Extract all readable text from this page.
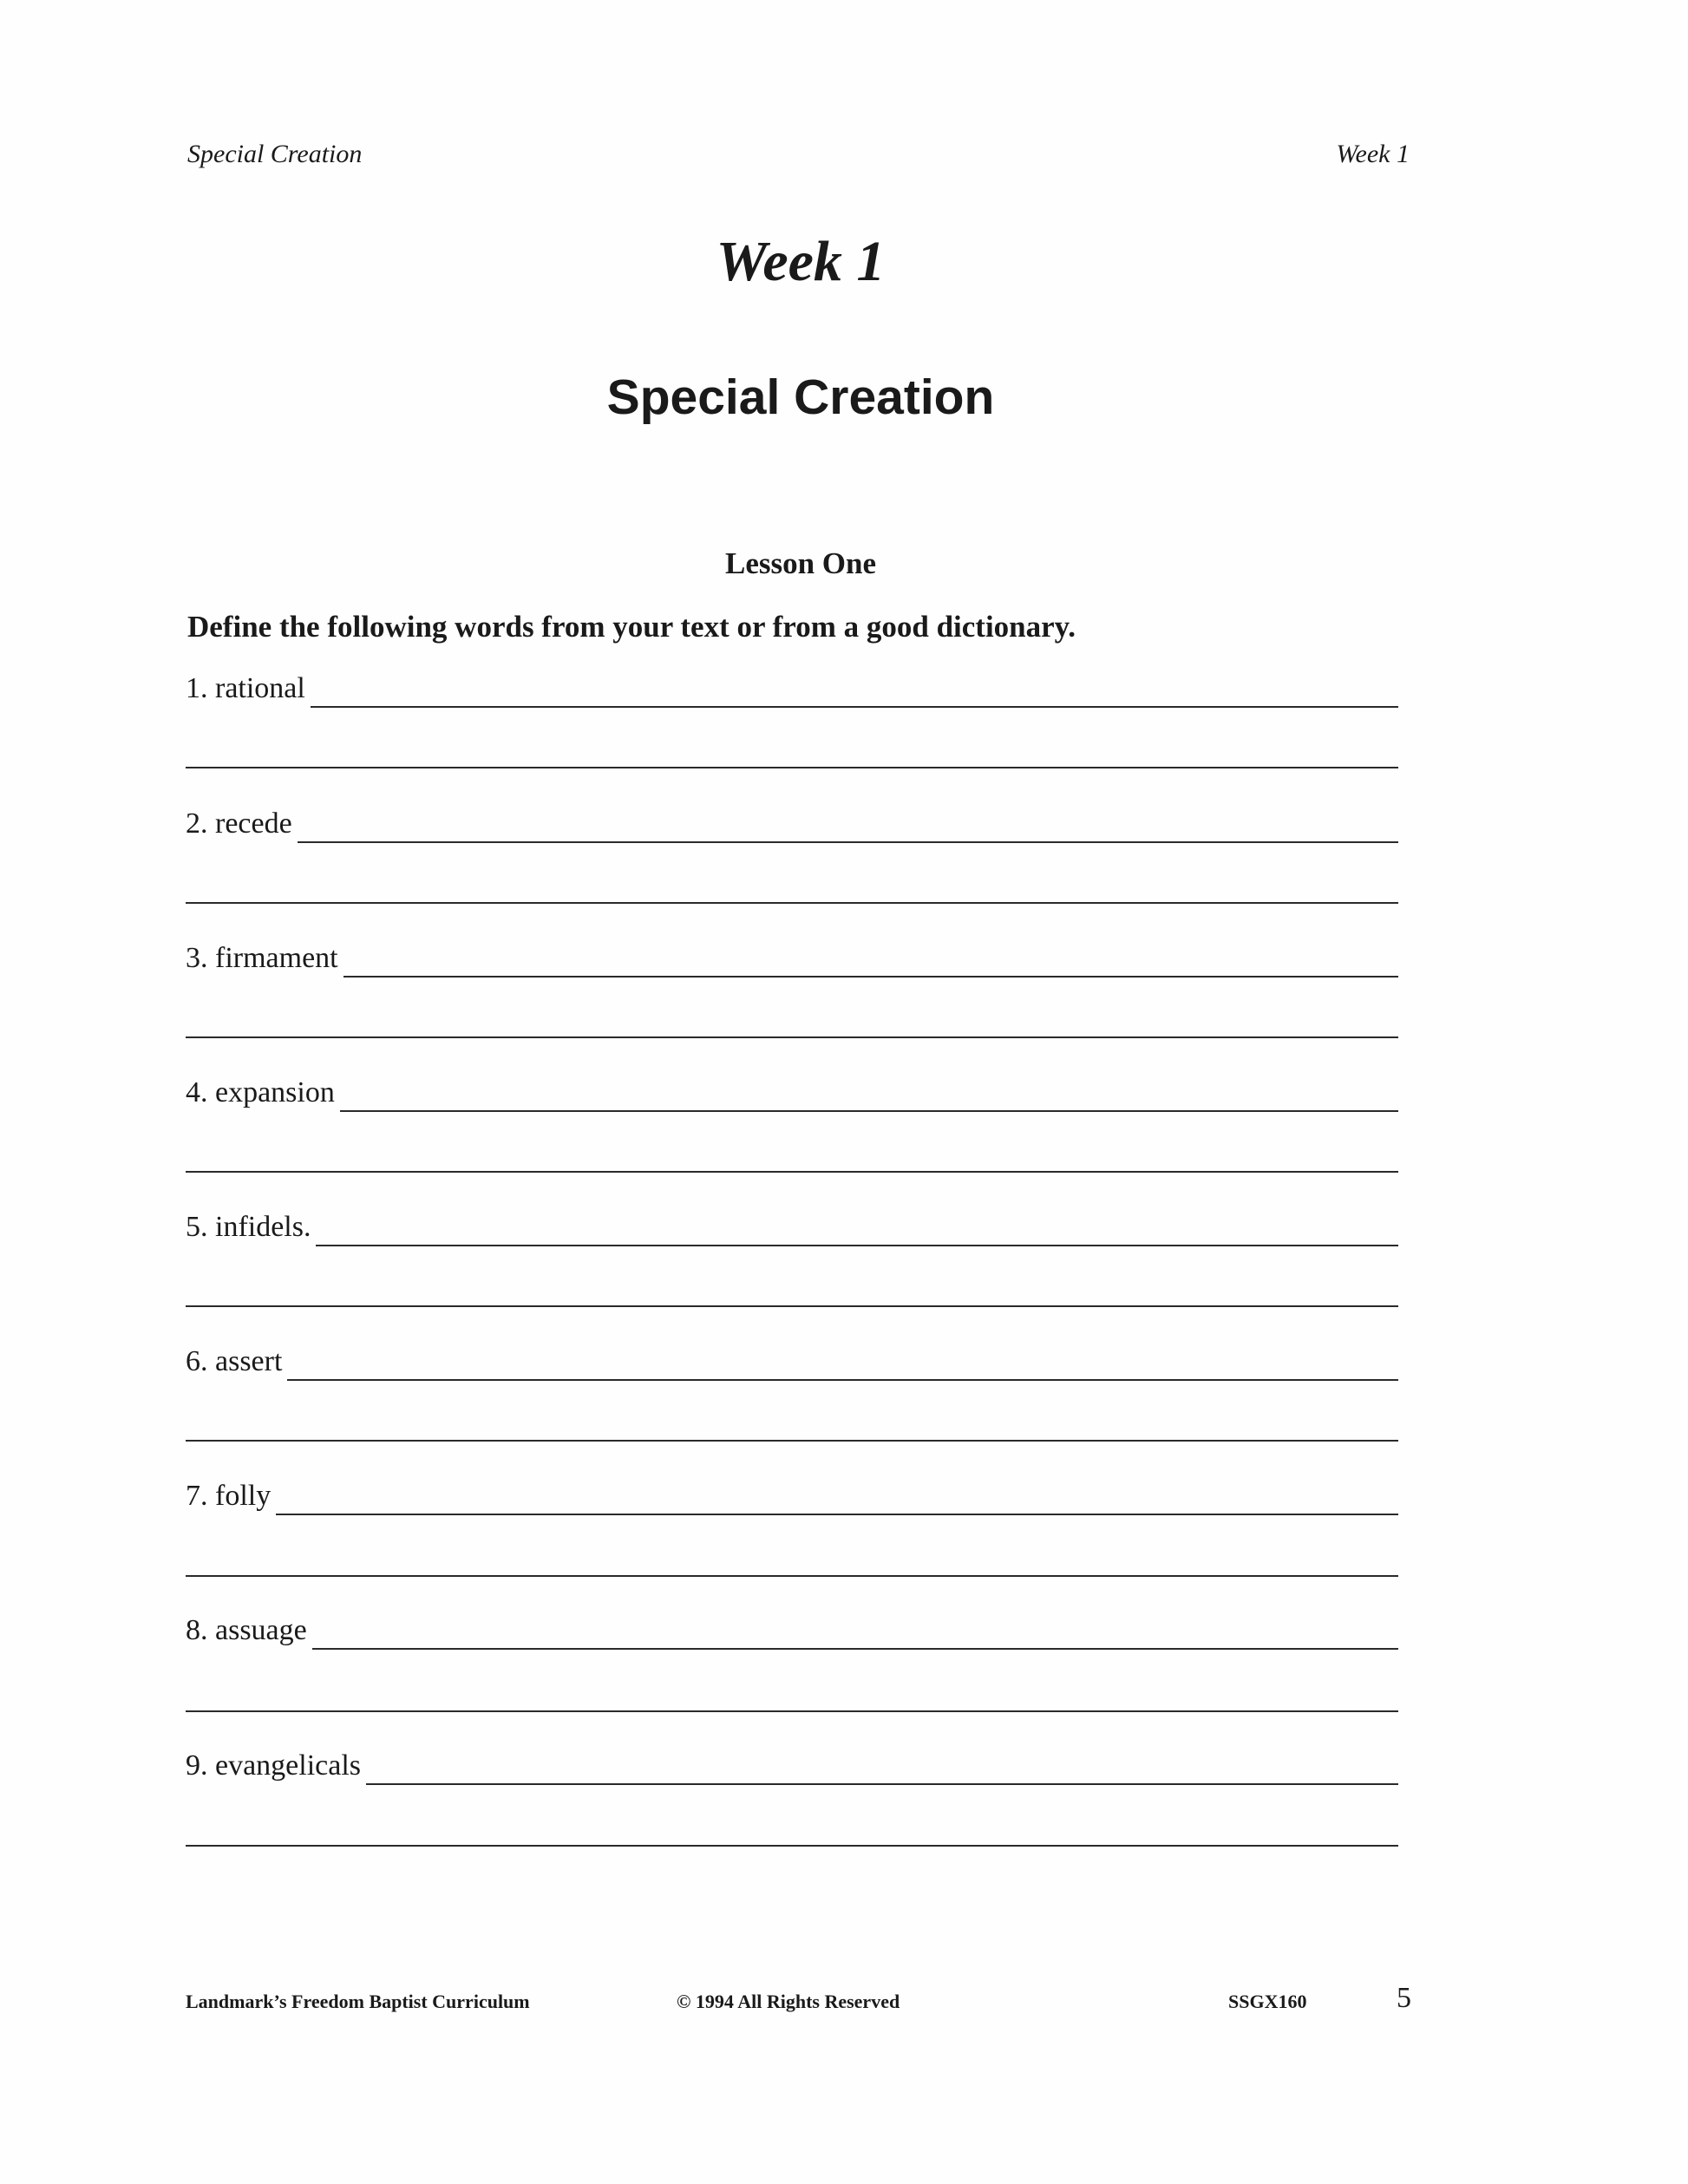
Special Creation	Week 1
Week 1
Special Creation
Lesson One
Define the following words from your text or from a good dictionary.
1. rational
2. recede
3. firmament
4. expansion
5. infidels.
6. assert
7. folly
8. assuage
9. evangelicals
Landmark’s Freedom Baptist Curriculum	© 1994 All Rights Reserved	SSGX160	5
